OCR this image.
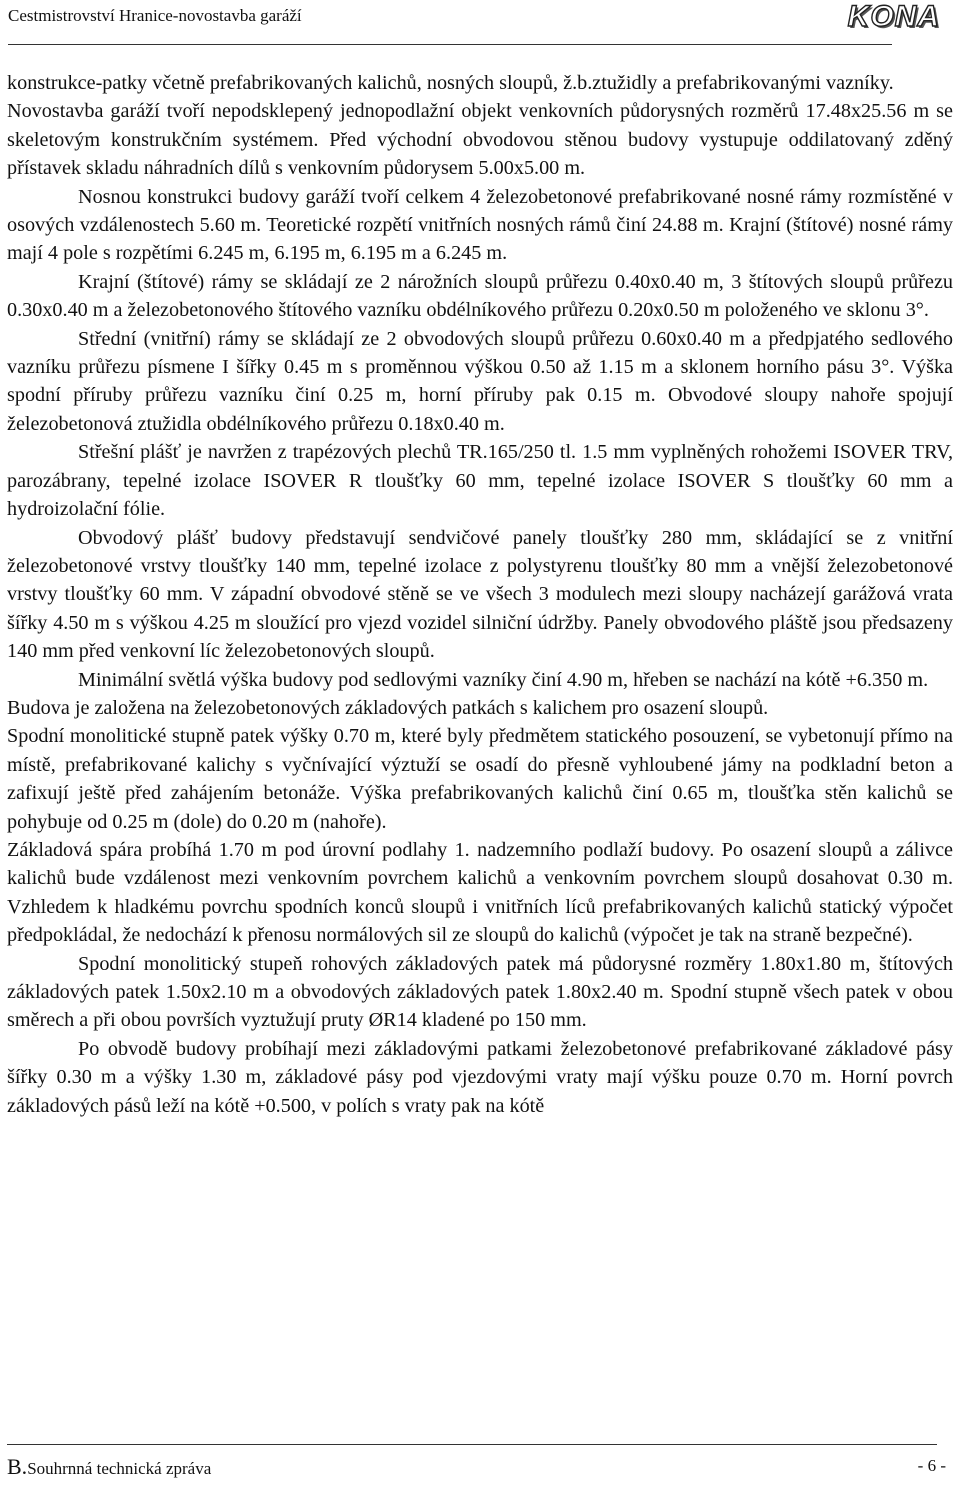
Cestmistrovství Hranice-novostavba garáží	KONA

konstrukce-patky včetně prefabrikovaných kalichů, nosných sloupů, ž.b.ztužidly a prefabrikovanými vazníky.

Novostavba garáží tvoří nepodsklepený jednopodlažní objekt venkovních půdorysných rozměrů 17.48x25.56 m se skeletovým konstrukčním systémem. Před východní obvodovou stěnou budovy vystupuje oddilatovaný zděný přístavek skladu náhradních dílů s venkovním půdorysem 5.00x5.00 m.

Nosnou konstrukci budovy garáží tvoří celkem 4 železobetonové prefabrikované nosné rámy rozmístěné v osových vzdálenostech 5.60 m. Teoretické rozpětí vnitřních nosných rámů činí 24.88 m. Krajní (štítové) nosné rámy mají 4 pole s rozpětími 6.245 m, 6.195 m, 6.195 m a 6.245 m.

Krajní (štítové) rámy se skládají ze 2 nárožních sloupů průřezu 0.40x0.40 m, 3 štítových sloupů průřezu 0.30x0.40 m a železobetonového štítového vazníku obdélníkového průřezu 0.20x0.50 m položeného ve sklonu 3°.

Střední (vnitřní) rámy se skládají ze 2 obvodových sloupů průřezu 0.60x0.40 m a předpjatého sedlového vazníku průřezu písmene I šířky 0.45 m s proměnnou výškou 0.50 až 1.15 m a sklonem horního pásu 3°. Výška spodní příruby průřezu vazníku činí 0.25 m, horní příruby pak 0.15 m. Obvodové sloupy nahoře spojují železobetonová ztužidla obdélníkového průřezu 0.18x0.40 m.

Střešní plášť je navržen z trapézových plechů TR.165/250 tl. 1.5 mm vyplněných rohožemi ISOVER TRV, parozábrany, tepelné izolace ISOVER R tloušťky 60 mm, tepelné izolace ISOVER S tloušťky 60 mm a hydroizolační fólie.

Obvodový plášť budovy představují sendvičové panely tloušťky 280 mm, skládající se z vnitřní železobetonové vrstvy tloušťky 140 mm, tepelné izolace z polystyrenu tloušťky 80 mm a vnější železobetonové vrstvy tloušťky 60 mm. V západní obvodové stěně se ve všech 3 modulech mezi sloupy nacházejí garážová vrata šířky 4.50 m s výškou 4.25 m sloužící pro vjezd vozidel silniční údržby. Panely obvodového pláště jsou předsazeny 140 mm před venkovní líc železobetonových sloupů.

Minimální světlá výška budovy pod sedlovými vazníky činí 4.90 m, hřeben se nachází na kótě +6.350 m.

Budova je založena na železobetonových základových patkách s kalichem pro osazení sloupů.

Spodní monolitické stupně patek výšky 0.70 m, které byly předmětem statického posouzení, se vybetonují přímo na místě, prefabrikované kalichy s vyčnívající výztuží se osadí do přesně vyhloubené jámy na podkladní beton a zafixují ještě před zahájením betonáže. Výška prefabrikovaných kalichů činí 0.65 m, tloušťka stěn kalichů se pohybuje od 0.25 m (dole) do 0.20 m (nahoře).

Základová spára probíhá 1.70 m pod úrovní podlahy 1. nadzemního podlaží budovy. Po osazení sloupů a zálivce kalichů bude vzdálenost mezi venkovním povrchem kalichů a venkovním povrchem sloupů dosahovat 0.30 m. Vzhledem k hladkému povrchu spodních konců sloupů i vnitřních líců prefabrikovaných kalichů statický výpočet předpokládal, že nedochází k přenosu normálových sil ze sloupů do kalichů (výpočet je tak na straně bezpečné).

Spodní monolitický stupeň rohových základových patek má půdorysné rozměry 1.80x1.80 m, štítových základových patek 1.50x2.10 m a obvodových základových patek 1.80x2.40 m. Spodní stupně všech patek v obou směrech a při obou površích vyztužují pruty ØR14 kladené po 150 mm.

Po obvodě budovy probíhají mezi základovými patkami železobetonové prefabrikované základové pásy šířky 0.30 m a výšky 1.30 m, základové pásy pod vjezdovými vraty mají výšku pouze 0.70 m. Horní povrch základových pásů leží na kótě +0.500, v polích s vraty pak na kótě

B.Souhrnná technická zpráva	- 6 -
